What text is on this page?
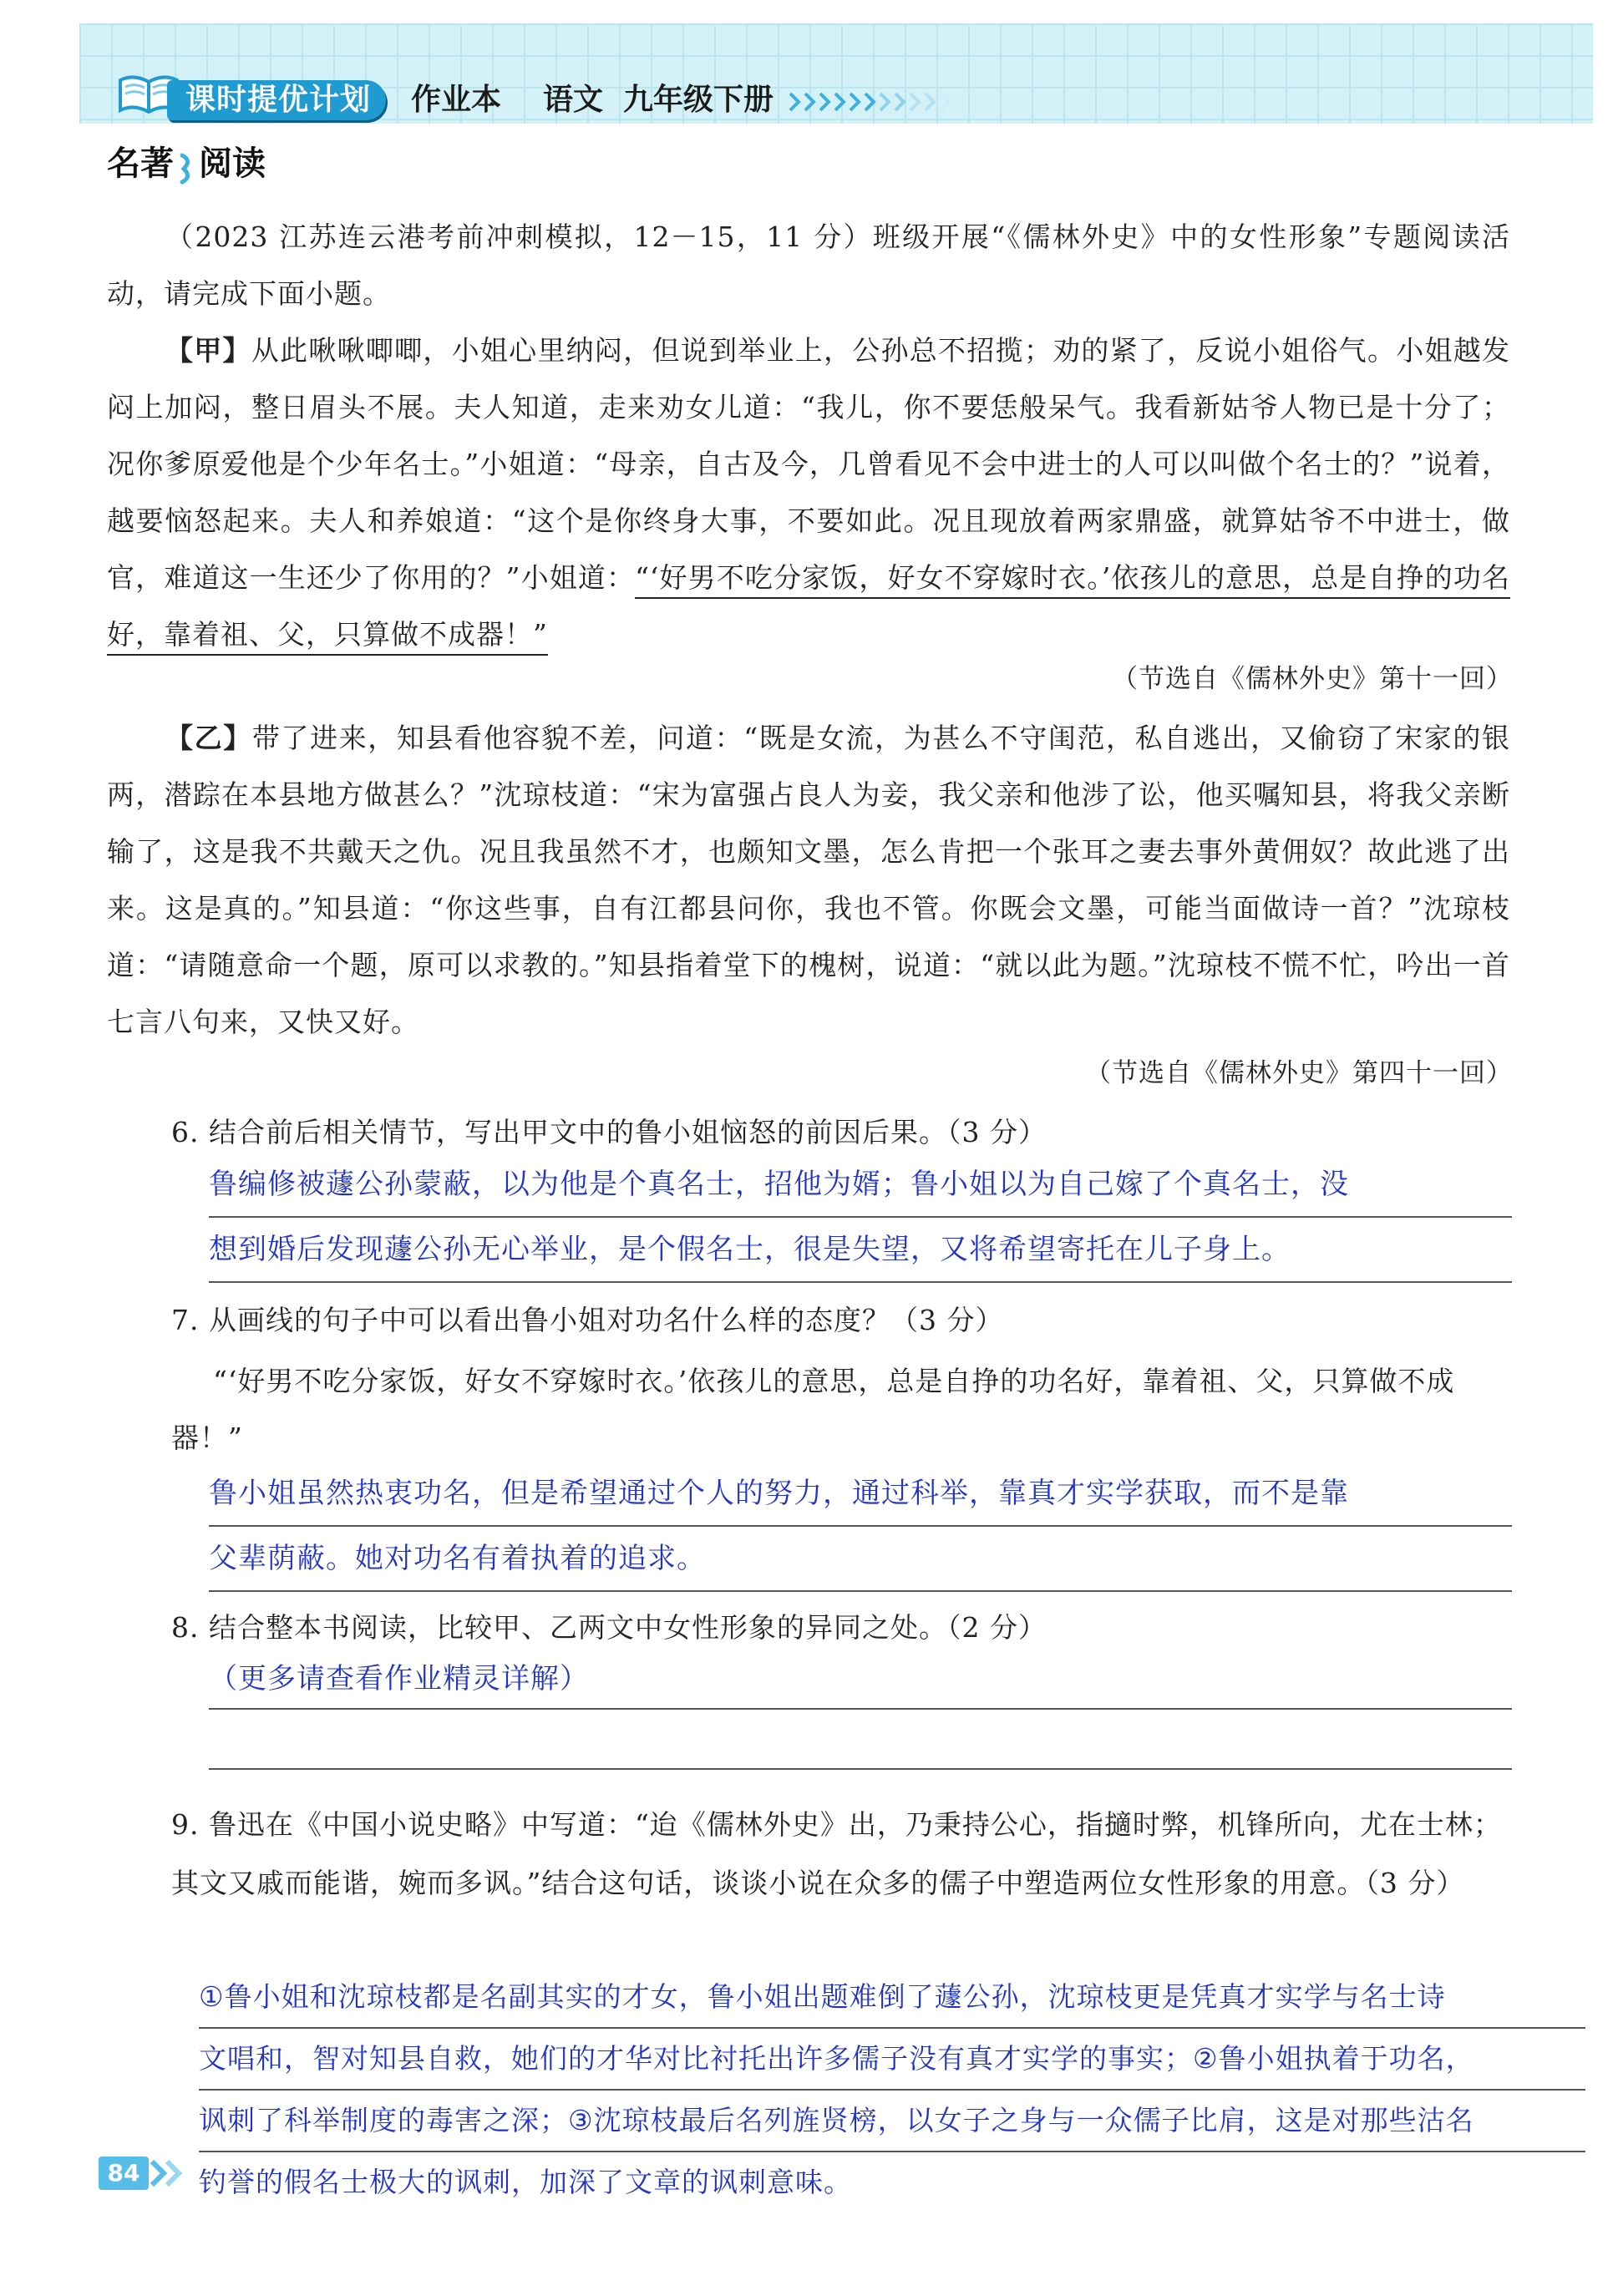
课时提优计划 作业本 语文 九年级下册
名著 阅读
（2023 江苏连云港考前冲刺模拟，12－15，11 分）班级开展“《儒林外史》中的女性形象”专题阅读活动，请完成下面小题。
【甲】从此啾啾唧唧，小姐心里纳闷，但说到举业上，公孙总不招揽；劝的紧了，反说小姐俗气。小姐越发闷上加闷，整日眉头不展。夫人知道，走来劝女儿道：“我儿，你不要恁般呆气。我看新姑爷人物已是十分了；况你爹原爱他是个少年名士。”小姐道：“母亲，自古及今，几曾看见不会中进士的人可以叫做个名士的？”说着，越要恼怒起来。夫人和养娘道：“这个是你终身大事，不要如此。况且现放着两家鼎盛，就算姑爷不中进士，做官，难道这一生还少了你用的？”小姐道：“‘好男不吃分家饭，好女不穿嫁时衣。’依孩儿的意思，总是自挣的功名好，靠着祖、父，只算做不成器！”
（节选自《儒林外史》第十一回）
【乙】带了进来，知县看他容貌不差，问道：“既是女流，为甚么不守闺范，私自逃出，又偷窃了宋家的银两，潜踪在本县地方做甚么？”沈琼枝道：“宋为富强占良人为妾，我父亲和他涉了讼，他买嘱知县，将我父亲断输了，这是我不共戴天之仇。况且我虽然不才，也颇知文墨，怎么肯把一个张耳之妻去事外黄佣奴？故此逃了出来。这是真的。”知县道：“你这些事，自有江都县问你，我也不管。你既会文墨，可能当面做诗一首？”沈琼枝道：“请随意命一个题，原可以求教的。”知县指着堂下的槐树，说道：“就以此为题。”沈琼枝不慌不忙，吟出一首七言八句来，又快又好。
（节选自《儒林外史》第四十一回）
6. 结合前后相关情节，写出甲文中的鲁小姐恼怒的前因后果。（3 分）
鲁编修被蘧公孙蒙蔽，以为他是个真名士，招他为婿；鲁小姐以为自己嫁了个真名士，没
想到婚后发现蘧公孙无心举业，是个假名士，很是失望，又将希望寄托在儿子身上。
7. 从画线的句子中可以看出鲁小姐对功名什么样的态度？（3 分）
“‘好男不吃分家饭，好女不穿嫁时衣。’依孩儿的意思，总是自挣的功名好，靠着祖、父，只算做不成器！”
鲁小姐虽然热衷功名，但是希望通过个人的努力，通过科举，靠真才实学获取，而不是靠
父辈荫蔽。她对功名有着执着的追求。
8. 结合整本书阅读，比较甲、乙两文中女性形象的异同之处。（2 分）
（更多请查看作业精灵详解）
9. 鲁迅在《中国小说史略》中写道：“迨《儒林外史》出，乃秉持公心，指擿时弊，机锋所向，尤在士林；其文又戚而能谐，婉而多讽。”结合这句话，谈谈小说在众多的儒子中塑造两位女性形象的用意。（3 分）
①鲁小姐和沈琼枝都是名副其实的才女，鲁小姐出题难倒了蘧公孙，沈琼枝更是凭真才实学与名士诗
文唱和，智对知县自救，她们的才华对比衬托出许多儒子没有真才实学的事实；②鲁小姐执着于功名，
讽刺了科举制度的毒害之深；③沈琼枝最后名列旌贤榜，以女子之身与一众儒子比肩，这是对那些沽名
钓誉的假名士极大的讽刺，加深了文章的讽刺意味。
84
